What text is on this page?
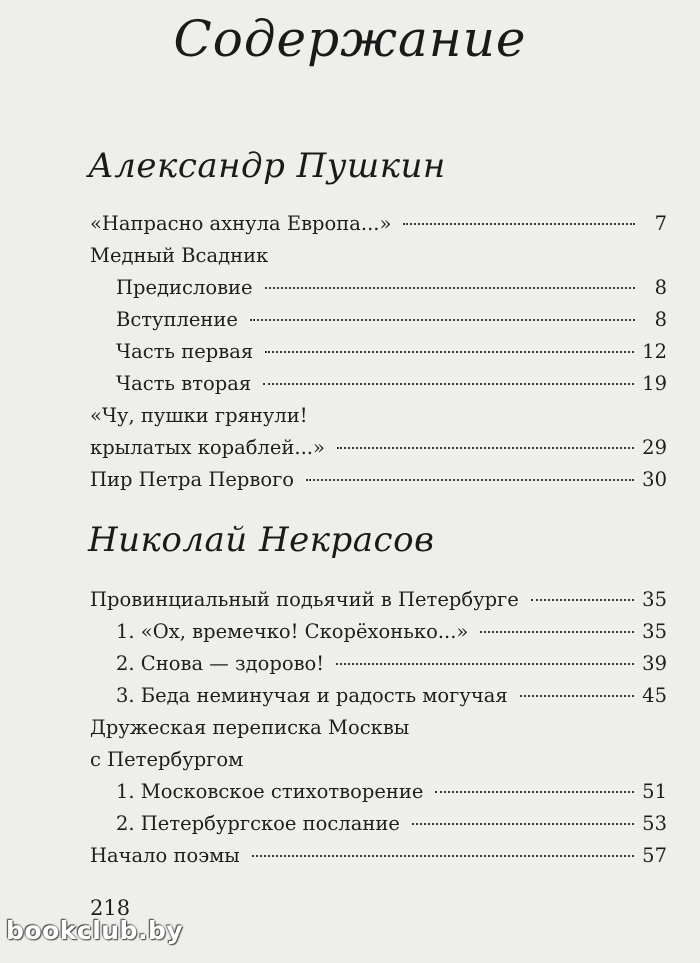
Содержание
Александр Пушкин
«Напрасно ахнула Европа...»	7
Медный Всадник
Предисловие	8
Вступление	8
Часть первая	12
Часть вторая	19
«Чу, пушки грянули!
крылатых кораблей...»	29
Пир Петра Первого	30
Николай Некрасов
Провинциальный подьячий в Петербурге	35
1. «Ох, времечко! Скорёхонько...»	35
2. Снова — здорово!	39
3. Беда неминучая и радость могучая	45
Дружеская переписка Москвы
с Петербургом
1. Московское стихотворение	51
2. Петербургское послание	53
Начало поэмы	57
218
bookclub.by
